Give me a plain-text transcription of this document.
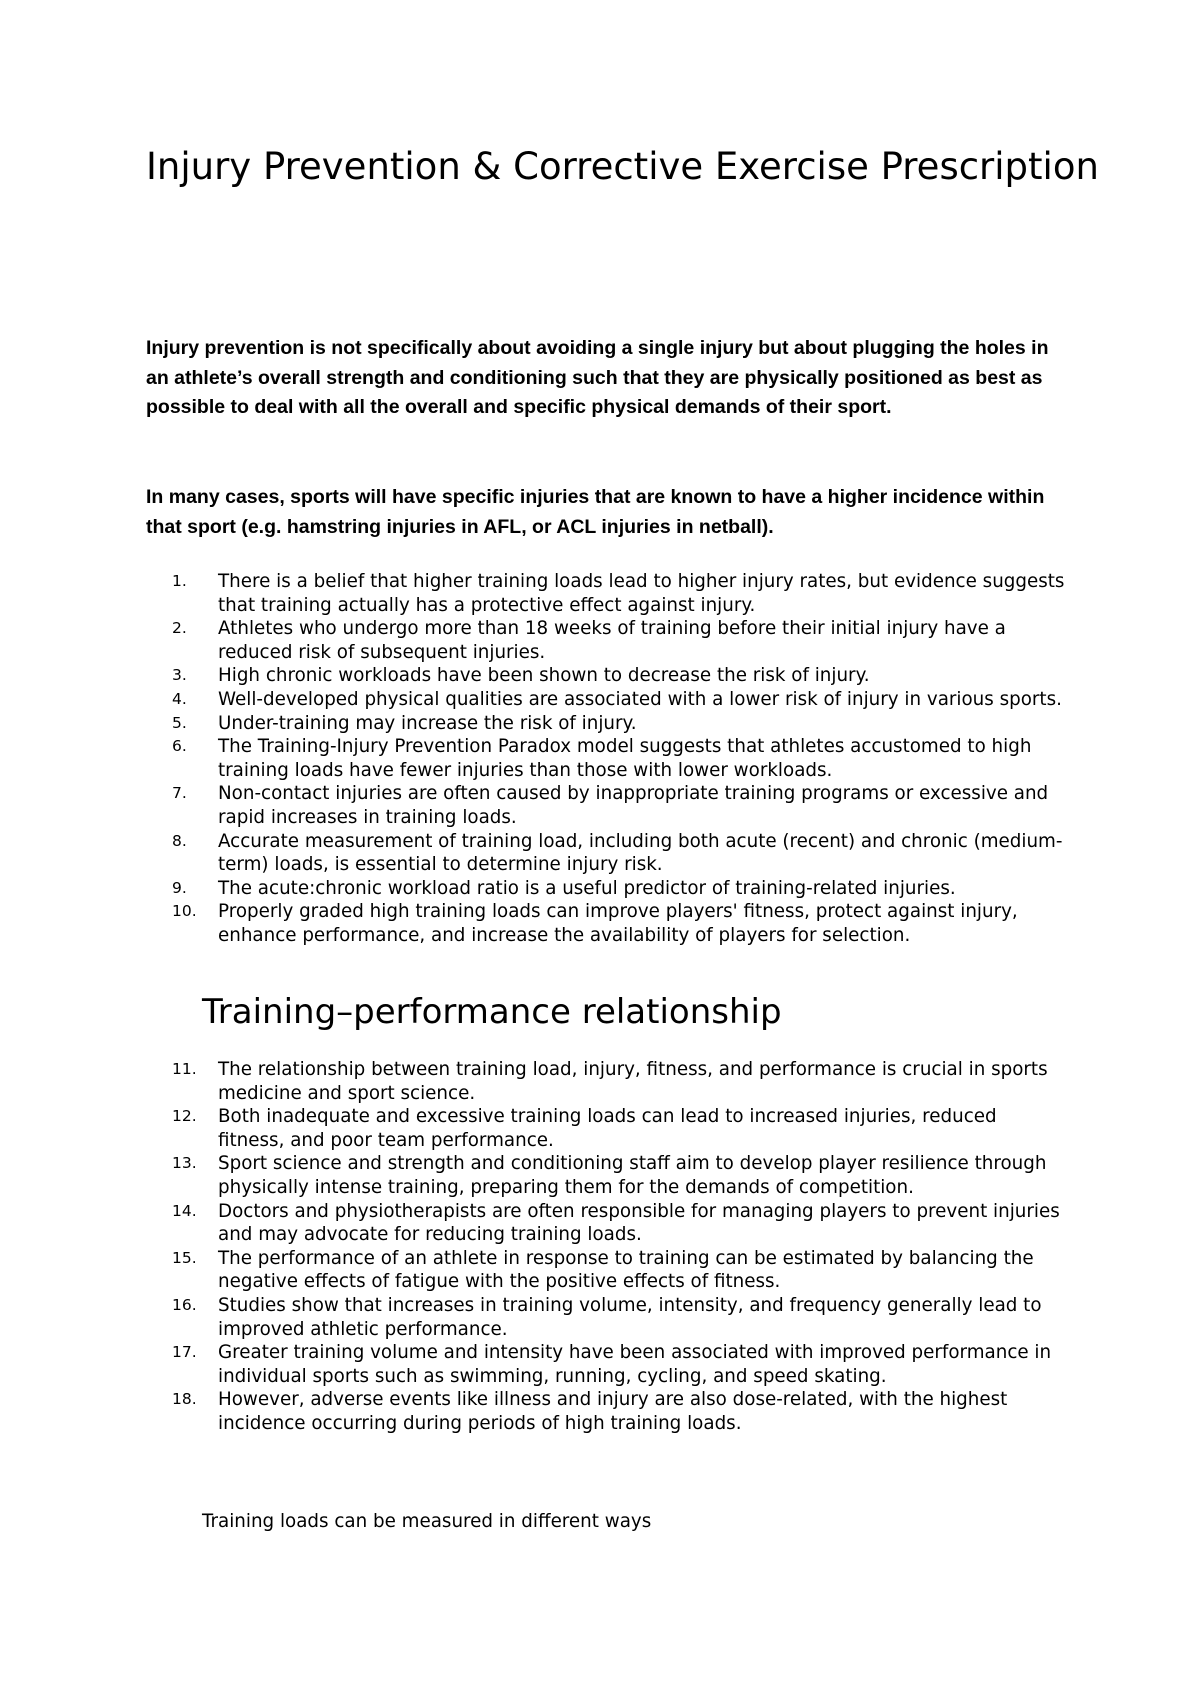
Injury Prevention & Corrective Exercise Prescription

Injury prevention is not specifically about avoiding a single injury but about plugging the holes in an athlete’s overall strength and conditioning such that they are physically positioned as best as possible to deal with all the overall and specific physical demands of their sport.

In many cases, sports will have specific injuries that are known to have a higher incidence within that sport (e.g. hamstring injuries in AFL, or ACL injuries in netball).

1. There is a belief that higher training loads lead to higher injury rates, but evidence suggests that training actually has a protective effect against injury.
2. Athletes who undergo more than 18 weeks of training before their initial injury have a reduced risk of subsequent injuries.
3. High chronic workloads have been shown to decrease the risk of injury.
4. Well-developed physical qualities are associated with a lower risk of injury in various sports.
5. Under-training may increase the risk of injury.
6. The Training-Injury Prevention Paradox model suggests that athletes accustomed to high training loads have fewer injuries than those with lower workloads.
7. Non-contact injuries are often caused by inappropriate training programs or excessive and rapid increases in training loads.
8. Accurate measurement of training load, including both acute (recent) and chronic (medium-term) loads, is essential to determine injury risk.
9. The acute:chronic workload ratio is a useful predictor of training-related injuries.
10. Properly graded high training loads can improve players' fitness, protect against injury, enhance performance, and increase the availability of players for selection.
Training–performance relationship
11. The relationship between training load, injury, fitness, and performance is crucial in sports medicine and sport science.
12. Both inadequate and excessive training loads can lead to increased injuries, reduced fitness, and poor team performance.
13. Sport science and strength and conditioning staff aim to develop player resilience through physically intense training, preparing them for the demands of competition.
14. Doctors and physiotherapists are often responsible for managing players to prevent injuries and may advocate for reducing training loads.
15. The performance of an athlete in response to training can be estimated by balancing the negative effects of fatigue with the positive effects of fitness.
16. Studies show that increases in training volume, intensity, and frequency generally lead to improved athletic performance.
17. Greater training volume and intensity have been associated with improved performance in individual sports such as swimming, running, cycling, and speed skating.
18. However, adverse events like illness and injury are also dose-related, with the highest incidence occurring during periods of high training loads.

Training loads can be measured in different ways
